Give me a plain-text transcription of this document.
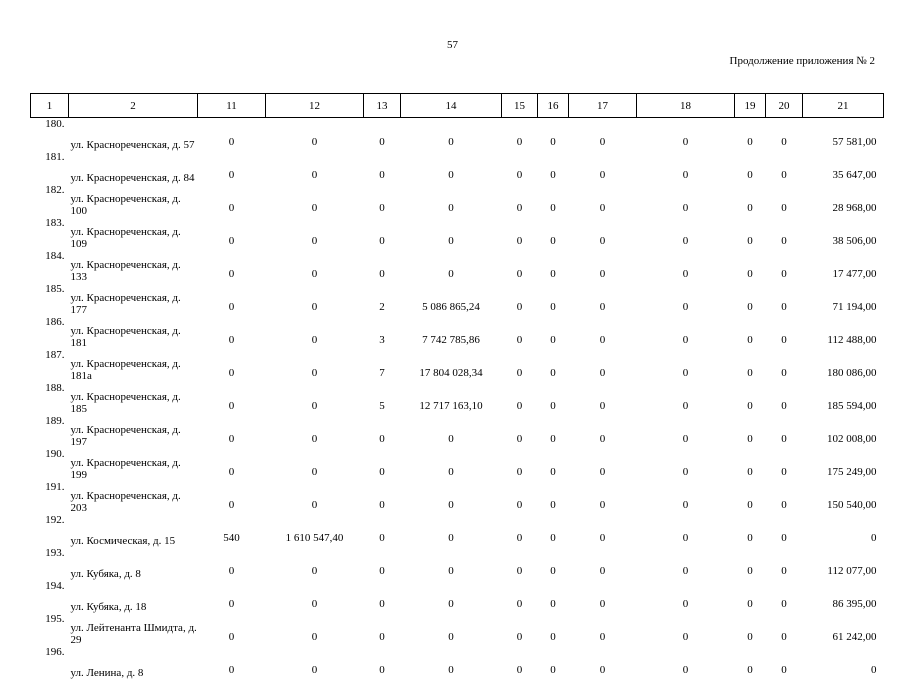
57
Продолжение приложения № 2
1	2	11	12	13	14	15	16	17	18	19	20	21
180.	ул. Краснореченская, д. 57	0	0	0	0	0	0	0	0	0	0	57 581,00
181.	ул. Краснореченская, д. 84	0	0	0	0	0	0	0	0	0	0	35 647,00
182.	ул. Краснореченская, д. 100	0	0	0	0	0	0	0	0	0	0	28 968,00
183.	ул. Краснореченская, д. 109	0	0	0	0	0	0	0	0	0	0	38 506,00
184.	ул. Краснореченская, д. 133	0	0	0	0	0	0	0	0	0	0	17 477,00
185.	ул. Краснореченская, д. 177	0	0	2	5 086 865,24	0	0	0	0	0	0	71 194,00
186.	ул. Краснореченская, д. 181	0	0	3	7 742 785,86	0	0	0	0	0	0	112 488,00
187.	ул. Краснореченская, д. 181а	0	0	7	17 804 028,34	0	0	0	0	0	0	180 086,00
188.	ул. Краснореченская, д. 185	0	0	5	12 717 163,10	0	0	0	0	0	0	185 594,00
189.	ул. Краснореченская, д. 197	0	0	0	0	0	0	0	0	0	0	102 008,00
190.	ул. Краснореченская, д. 199	0	0	0	0	0	0	0	0	0	0	175 249,00
191.	ул. Краснореченская, д. 203	0	0	0	0	0	0	0	0	0	0	150 540,00
192.	ул. Космическая, д. 15	540	1 610 547,40	0	0	0	0	0	0	0	0	0
193.	ул. Кубяка, д. 8	0	0	0	0	0	0	0	0	0	0	112 077,00
194.	ул. Кубяка, д. 18	0	0	0	0	0	0	0	0	0	0	86 395,00
195.	ул. Лейтенанта Шмидта, д. 29	0	0	0	0	0	0	0	0	0	0	61 242,00
196.	ул. Ленина, д. 8	0	0	0	0	0	0	0	0	0	0	0
